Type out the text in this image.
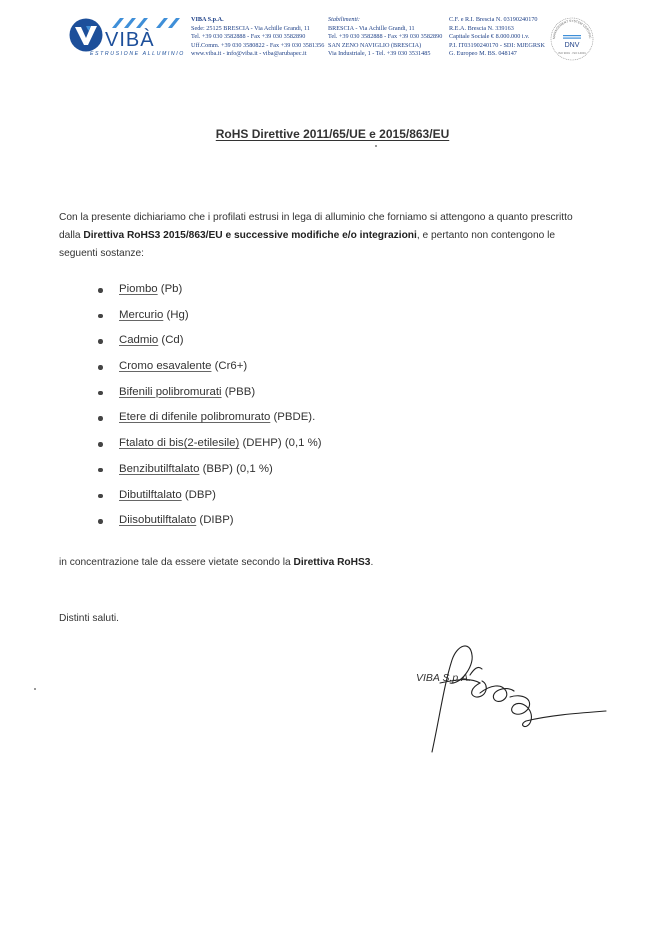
VIBÀ
ESTRUSIONE ALLUMINIO
VIBA S.p.A.
Sede: 25125 BRESCIA - Via Achille Grandi, 11
Tel. +39 030 3582888 - Fax +39 030 3582890
Uff.Comm. +39 030 3580822 - Fax +39 030 3581356
www.viba.it - info@viba.it - viba@arubapec.it
Stabilimenti:
BRESCIA - Via Achille Grandi, 11
Tel. +39 030 3582888 - Fax +39 030 3582890
SAN ZENO NAVIGLIO (BRESCIA)
Via Industriale, 1 - Tel. +39 030 3531485
C.F. e R.I. Brescia N. 03190240170
R.E.A. Brescia N. 339163
Capitale Sociale € 8.000.000 i.v.
P.I. IT03190240170 - SDI: MJEGRSK
G. Europeo M. BS. 048147
MANAGEMENT SYSTEM CERTIFIC
DNV
ISO 9001 · ISO 14001
RoHS Direttive 2011/65/UE e 2015/863/EU

Con la presente dichiariamo che i profilati estrusi in lega di alluminio che forniamo si attengono a quanto prescritto dalla Direttiva RoHS3 2015/863/EU e successive modifiche e/o integrazioni, e pertanto non contengono le seguenti sostanze:

Piombo (Pb)
Mercurio (Hg)
Cadmio (Cd)
Cromo esavalente (Cr6+)
Bifenili polibromurati (PBB)
Etere di difenile polibromurato (PBDE).
Ftalato di bis(2-etilesile) (DEHP) (0,1 %)
Benzibutilftalato (BBP) (0,1 %)
Dibutilftalato (DBP)
Diisobutilftalato (DIBP)
in concentrazione tale da essere vietate secondo la Direttiva RoHS3.
Distinti saluti.
VIBA S.p.A.
